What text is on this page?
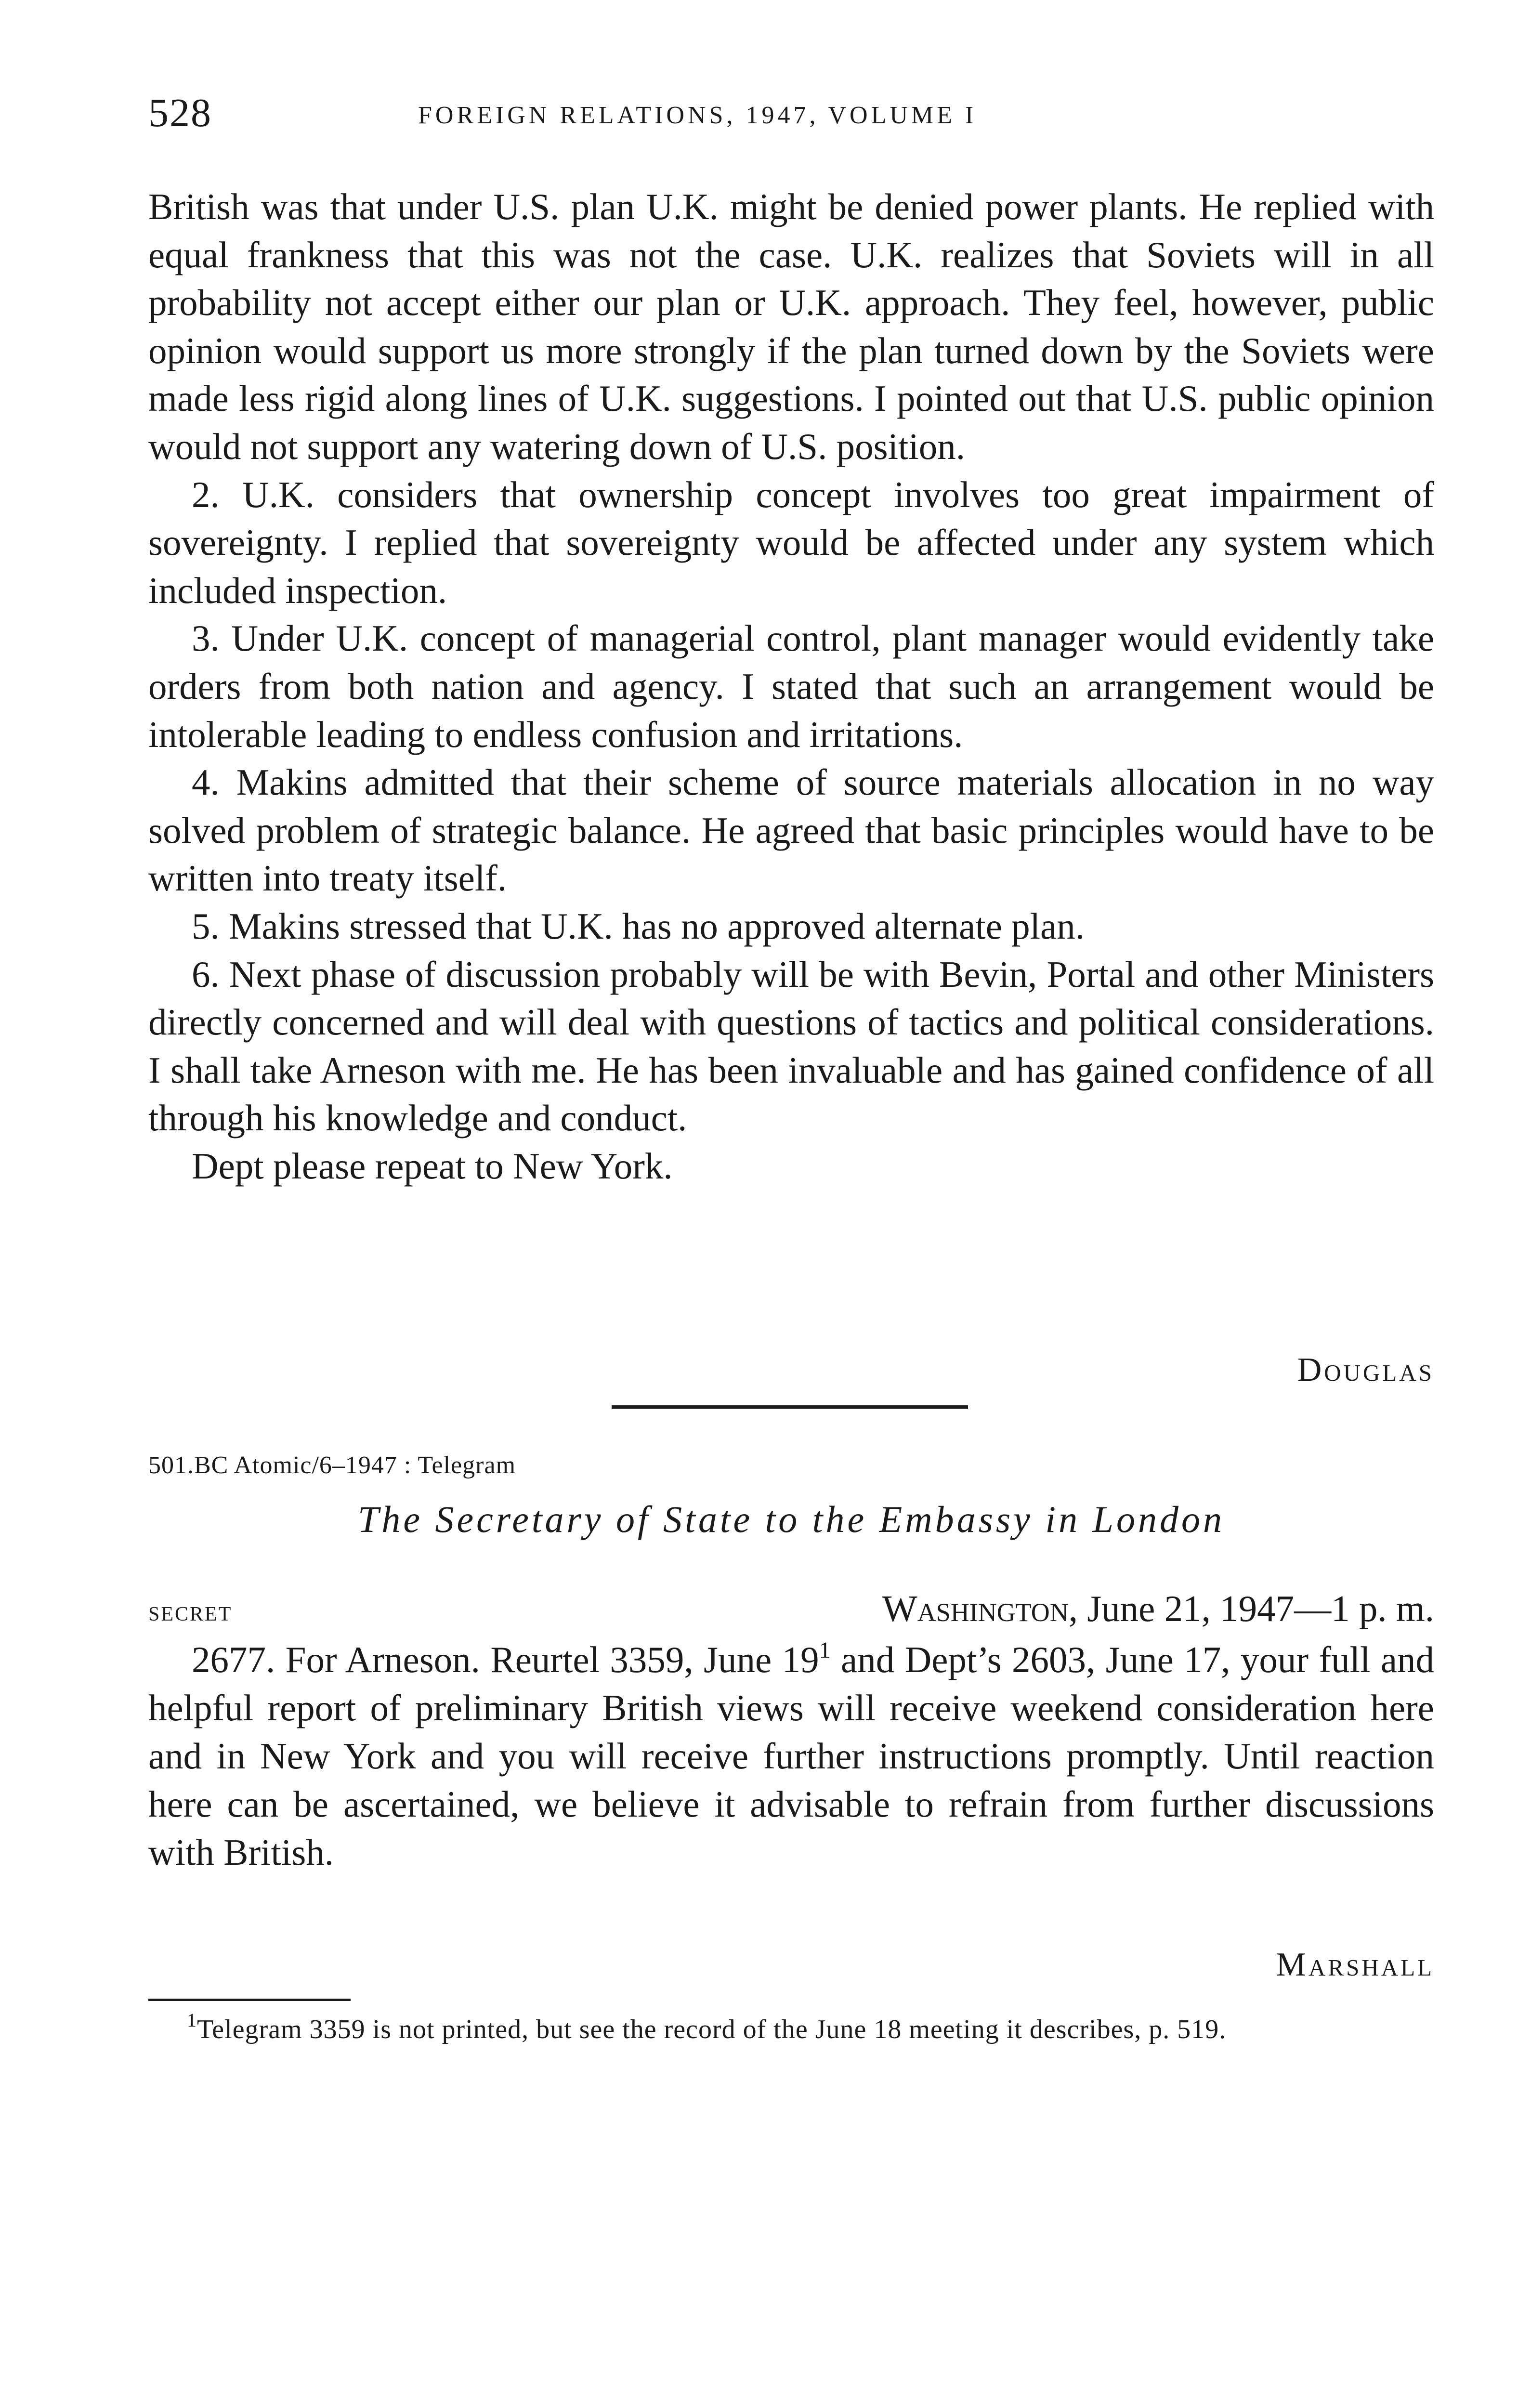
528	FOREIGN RELATIONS, 1947, VOLUME I

British was that under U.S. plan U.K. might be denied power plants. He replied with equal frankness that this was not the case. U.K. realizes that Soviets will in all probability not accept either our plan or U.K. approach. They feel, however, public opinion would support us more strongly if the plan turned down by the Soviets were made less rigid along lines of U.K. suggestions. I pointed out that U.S. public opinion would not support any watering down of U.S. position.

2. U.K. considers that ownership concept involves too great impairment of sovereignty. I replied that sovereignty would be affected under any system which included inspection.

3. Under U.K. concept of managerial control, plant manager would evidently take orders from both nation and agency. I stated that such an arrangement would be intolerable leading to endless confusion and irritations.

4. Makins admitted that their scheme of source materials allocation in no way solved problem of strategic balance. He agreed that basic principles would have to be written into treaty itself.

5. Makins stressed that U.K. has no approved alternate plan.

6. Next phase of discussion probably will be with Bevin, Portal and other Ministers directly concerned and will deal with questions of tactics and political considerations. I shall take Arneson with me. He has been invaluable and has gained confidence of all through his knowledge and conduct.

Dept please repeat to New York.

Douglas
501.BC Atomic/6–1947 : Telegram
The Secretary of State to the Embassy in London
secret	Washington, June 21, 1947—1 p. m.

2677. For Arneson. Reurtel 3359, June $19^1$ and Dept’s 2603, June 17, your full and helpful report of preliminary British views will receive weekend consideration here and in New York and you will receive further instructions promptly. Until reaction here can be ascertained, we believe it advisable to refrain from further discussions with British.

Marshall

$^1$Telegram 3359 is not printed, but see the record of the June 18 meeting it describes, p. 519.
